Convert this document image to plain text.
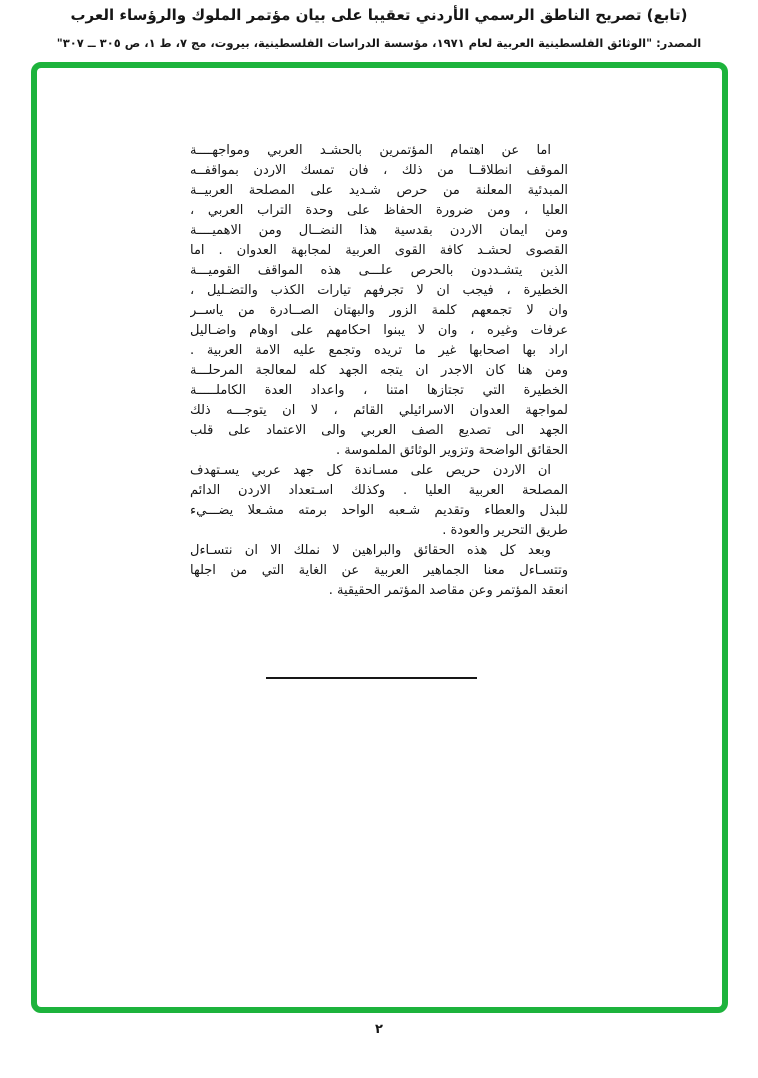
(تابع) تصريح الناطق الرسمي الأردني تعقيبا على بيان مؤتمر الملوك والرؤساء العرب
المصدر: "الوثائق الفلسطينية العربية لعام ١٩٧١، مؤسسة الدراسات الفلسطينية، بيروت، مج ٧، ط ١، ص ٣٠٥ ــ ٣٠٧"
اما عن اهتمام المؤتمرين بالحشـد العربي ومواجهــــة
الموقف انطلاقــا من ذلك ، فان تمسك الاردن بمواقفــه
المبدئية المعلنة من حرص شـديد على المصلحة العربيــة
العليا ، ومن ضرورة الحفاظ على وحدة التراب العربي ،
ومن ايمان الاردن بقدسية هذا النضــال ومن الاهميــــة
القصوى لحشـد كافة القوى العربية لمجابهة العدوان . اما
الذين يتشـددون بالحرص علـــى هذه المواقف القوميـــة
الخطيرة ، فيجب ان لا تجرفهم تيارات الكذب والتضـليل ،
وان لا تجمعهم كلمة الزور والبهتان الصــادرة من ياســر
عرفات وغيره ، وان لا يبنوا احكامهم على اوهام واضـاليل
اراد بها اصحابها غير ما تريده وتجمع عليه الامة العربية .
ومن هنا كان الاجدر ان يتجه الجهد كله لمعالجة المرحلـــة
الخطيرة التي تجتازها امتنا ، واعداد العدة الكاملـــــة
لمواجهة العدوان الاسرائيلي القائم ، لا ان يتوجـــه ذلك
الجهد الى تصديع الصف العربي والى الاعتماد على قلب
الحقائق الواضحة وتزوير الوثائق الملموسة .
ان الاردن حريص على مسـاندة كل جهد عربي يسـتهدف
المصلحة العربية العليا . وكذلك اسـتعداد الاردن الدائم
للبذل والعطاء وتقديم شـعبه الواحد برمته مشـعلا يضـــيء
طريق التحرير والعودة .
وبعد كل هذه الحقائق والبراهين لا نملك الا ان نتسـاءل
وتتسـاءل معنا الجماهير العربية عن الغاية التي من اجلها
انعقد المؤتمر وعن مقاصد المؤتمر الحقيقية .
٢
